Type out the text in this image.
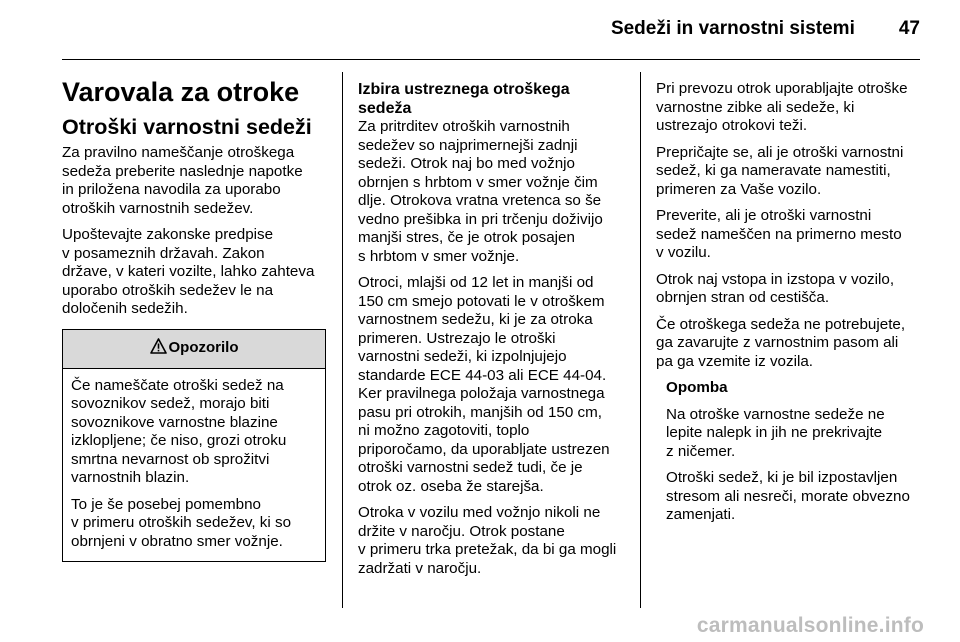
Sedeži in varnostni sistemi 47
Varovala za otroke
Otroški varnostni sedeži

Za pravilno nameščanje otroškega
sedeža preberite naslednje napotke
in priložena navodila za uporabo
otroških varnostnih sedežev.

Upoštevajte zakonske predpise
v posameznih državah. Zakon
države, v kateri vozilte, lahko zahteva
uporabo otroških sedežev le na
določenih sedežih.

Opozorilo

Če nameščate otroški sedež na
sovoznikov sedež, morajo biti
sovoznikove varnostne blazine
izklopljene; če niso, grozi otroku
smrtna nevarnost ob sprožitvi
varnostnih blazin.

To je še posebej pomembno
v primeru otroških sedežev, ki so
obrnjeni v obratno smer vožnje.

Izbira ustreznega otroškega
sedeža

Za pritrditev otroških varnostnih
sedežev so najprimernejši zadnji
sedeži. Otrok naj bo med vožnjo
obrnjen s hrbtom v smer vožnje čim
dlje. Otrokova vratna vretenca so še
vedno prešibka in pri trčenju doživijo
manjši stres, če je otrok posajen
s hrbtom v smer vožnje.

Otroci, mlajši od 12 let in manjši od
150 cm smejo potovati le v otroškem
varnostnem sedežu, ki je za otroka
primeren. Ustrezajo le otroški
varnostni sedeži, ki izpolnjujejo
standarde ECE 44-03 ali ECE 44-04.
Ker pravilnega položaja varnostnega
pasu pri otrokih, manjših od 150 cm,
ni možno zagotoviti, toplo
priporočamo, da uporabljate ustrezen
otroški varnostni sedež tudi, če je
otrok oz. oseba že starejša.

Otroka v vozilu med vožnjo nikoli ne
držite v naročju. Otrok postane
v primeru trka pretežak, da bi ga mogli
zadržati v naročju.

Pri prevozu otrok uporabljajte otroške
varnostne zibke ali sedeže, ki
ustrezajo otrokovi teži.

Prepričajte se, ali je otroški varnostni
sedež, ki ga nameravate namestiti,
primeren za Vaše vozilo.

Preverite, ali je otroški varnostni
sedež nameščen na primerno mesto
v vozilu.

Otrok naj vstopa in izstopa v vozilo,
obrnjen stran od cestišča.

Če otroškega sedeža ne potrebujete,
ga zavarujte z varnostnim pasom ali
pa ga vzemite iz vozila.

Opomba

Na otroške varnostne sedeže ne
lepite nalepk in jih ne prekrivajte
z ničemer.

Otroški sedež, ki je bil izpostavljen
stresom ali nesreči, morate obvezno
zamenjati.

carmanualsonline.info
